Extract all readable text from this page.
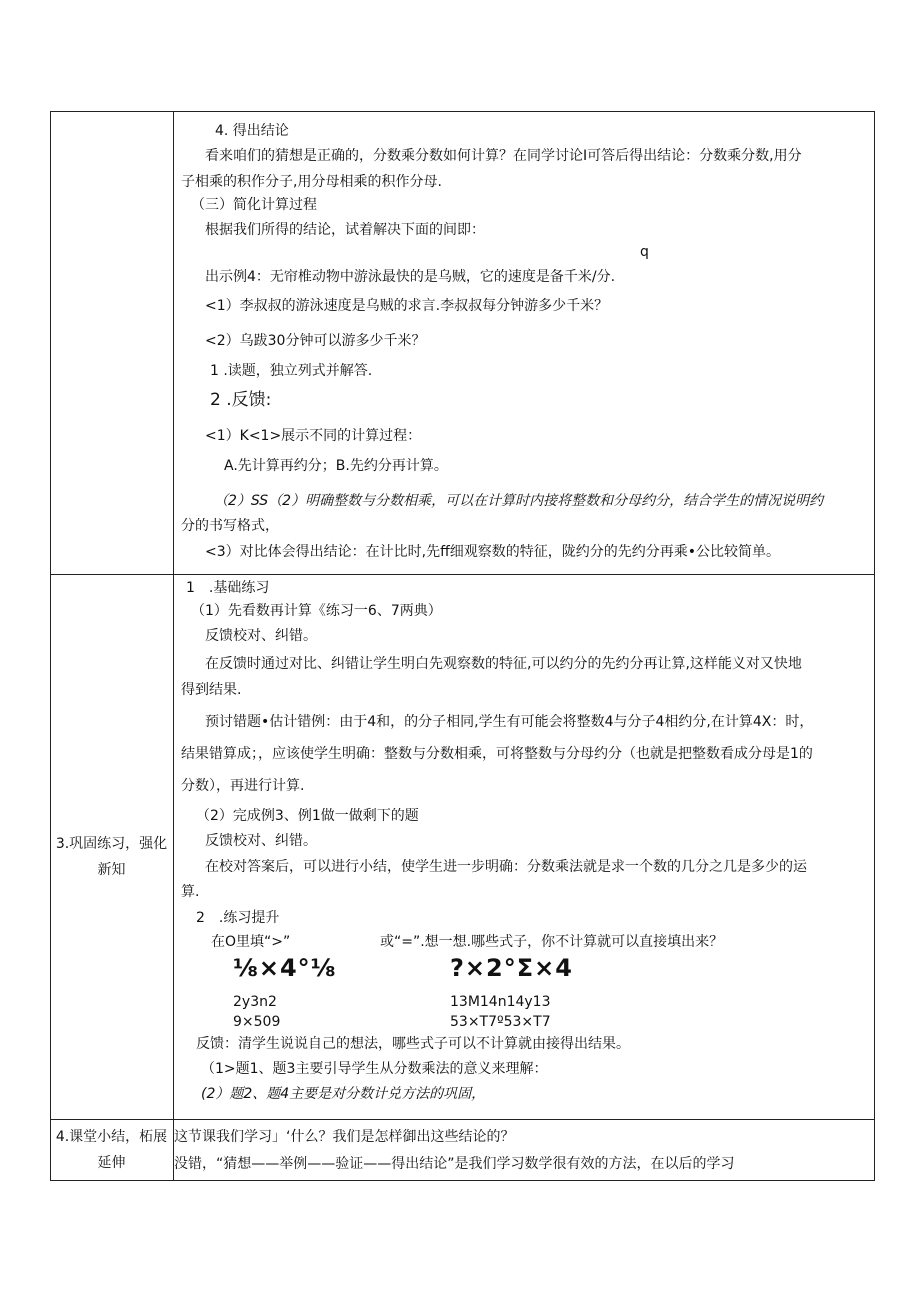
4. 得出结论
看来咱们的猜想是正确的，分数乘分数如何计算？在同学讨论I可答后得出结论：分数乘分数,用分
子相乘的积作分子,用分母相乘的积作分母.
（三）简化计算过程
根据我们所得的结论，试着解决下面的间即：
q
出示例4：无帘椎动物中游泳最快的是乌贼，它的速度是备千米/分.
<1）李叔叔的游泳速度是乌贼的求言.李叔叔每分钟游多少千米？
<2）乌跋30分钟可以游多少千米？
1 .读题，独立列式并解答.
2 .反馈:
<1）K<1>展示不同的计算过程：
A.先计算再约分；B.先约分再计算。
（2）SS（2）明确整数与分数相乘，可以在计算时内接将整数和分母约分，结合学生的情况说明约
分的书写格式，
<3）对比体会得出结论：在计比时,先ff细观察数的特征，陇约分的先约分再乘•公比较简单。
3.巩固练习，强化新知
1　.基础练习
（1）先看数再计算《练习一6、7两典）
反馈校对、纠错。
在反馈时通过对比、纠错让学生明白先观察数的特征,可以约分的先约分再让算,这样能义对又快地
得到结果.
预讨错题•估计错例：由于4和，的分子相同,学生有可能会将整数4与分子4相约分,在计算4X：时，
结果错算成；，应该使学生明确：整数与分数相乘，可将整数与分母约分（也就是把整数看成分母是1的
分数），再进行计算.
（2）完成例3、例1做一做剩下的题
反馈校对、纠错。
在校对答案后，可以进行小结，使学生进一步明确：分数乘法就是求一个数的几分之几是多少的运
算.
2　.练习提升
在O里填“>”	或“=”.想一想.哪些式子，你不计算就可以直接填出来？
⅛×4°⅛	?×2°Σ×4
2y3n2	13M14n14y13
9×509	53×T7º53×T7
反馈：清学生说说自己的想法，哪些式子可以不计算就由接得出结果。
（1>题1、题3主要引导学生从分数乘法的意义来理解：
(2）题2、题4主要是对分数计兑方法的巩固，
4.课堂小结，柘展延伸
这节课我们学习」‘什么？我们是怎样御出这些结论的？
没错，“猜想——举例——验证——得出结论”是我们学习数学很有效的方法，在以后的学习
